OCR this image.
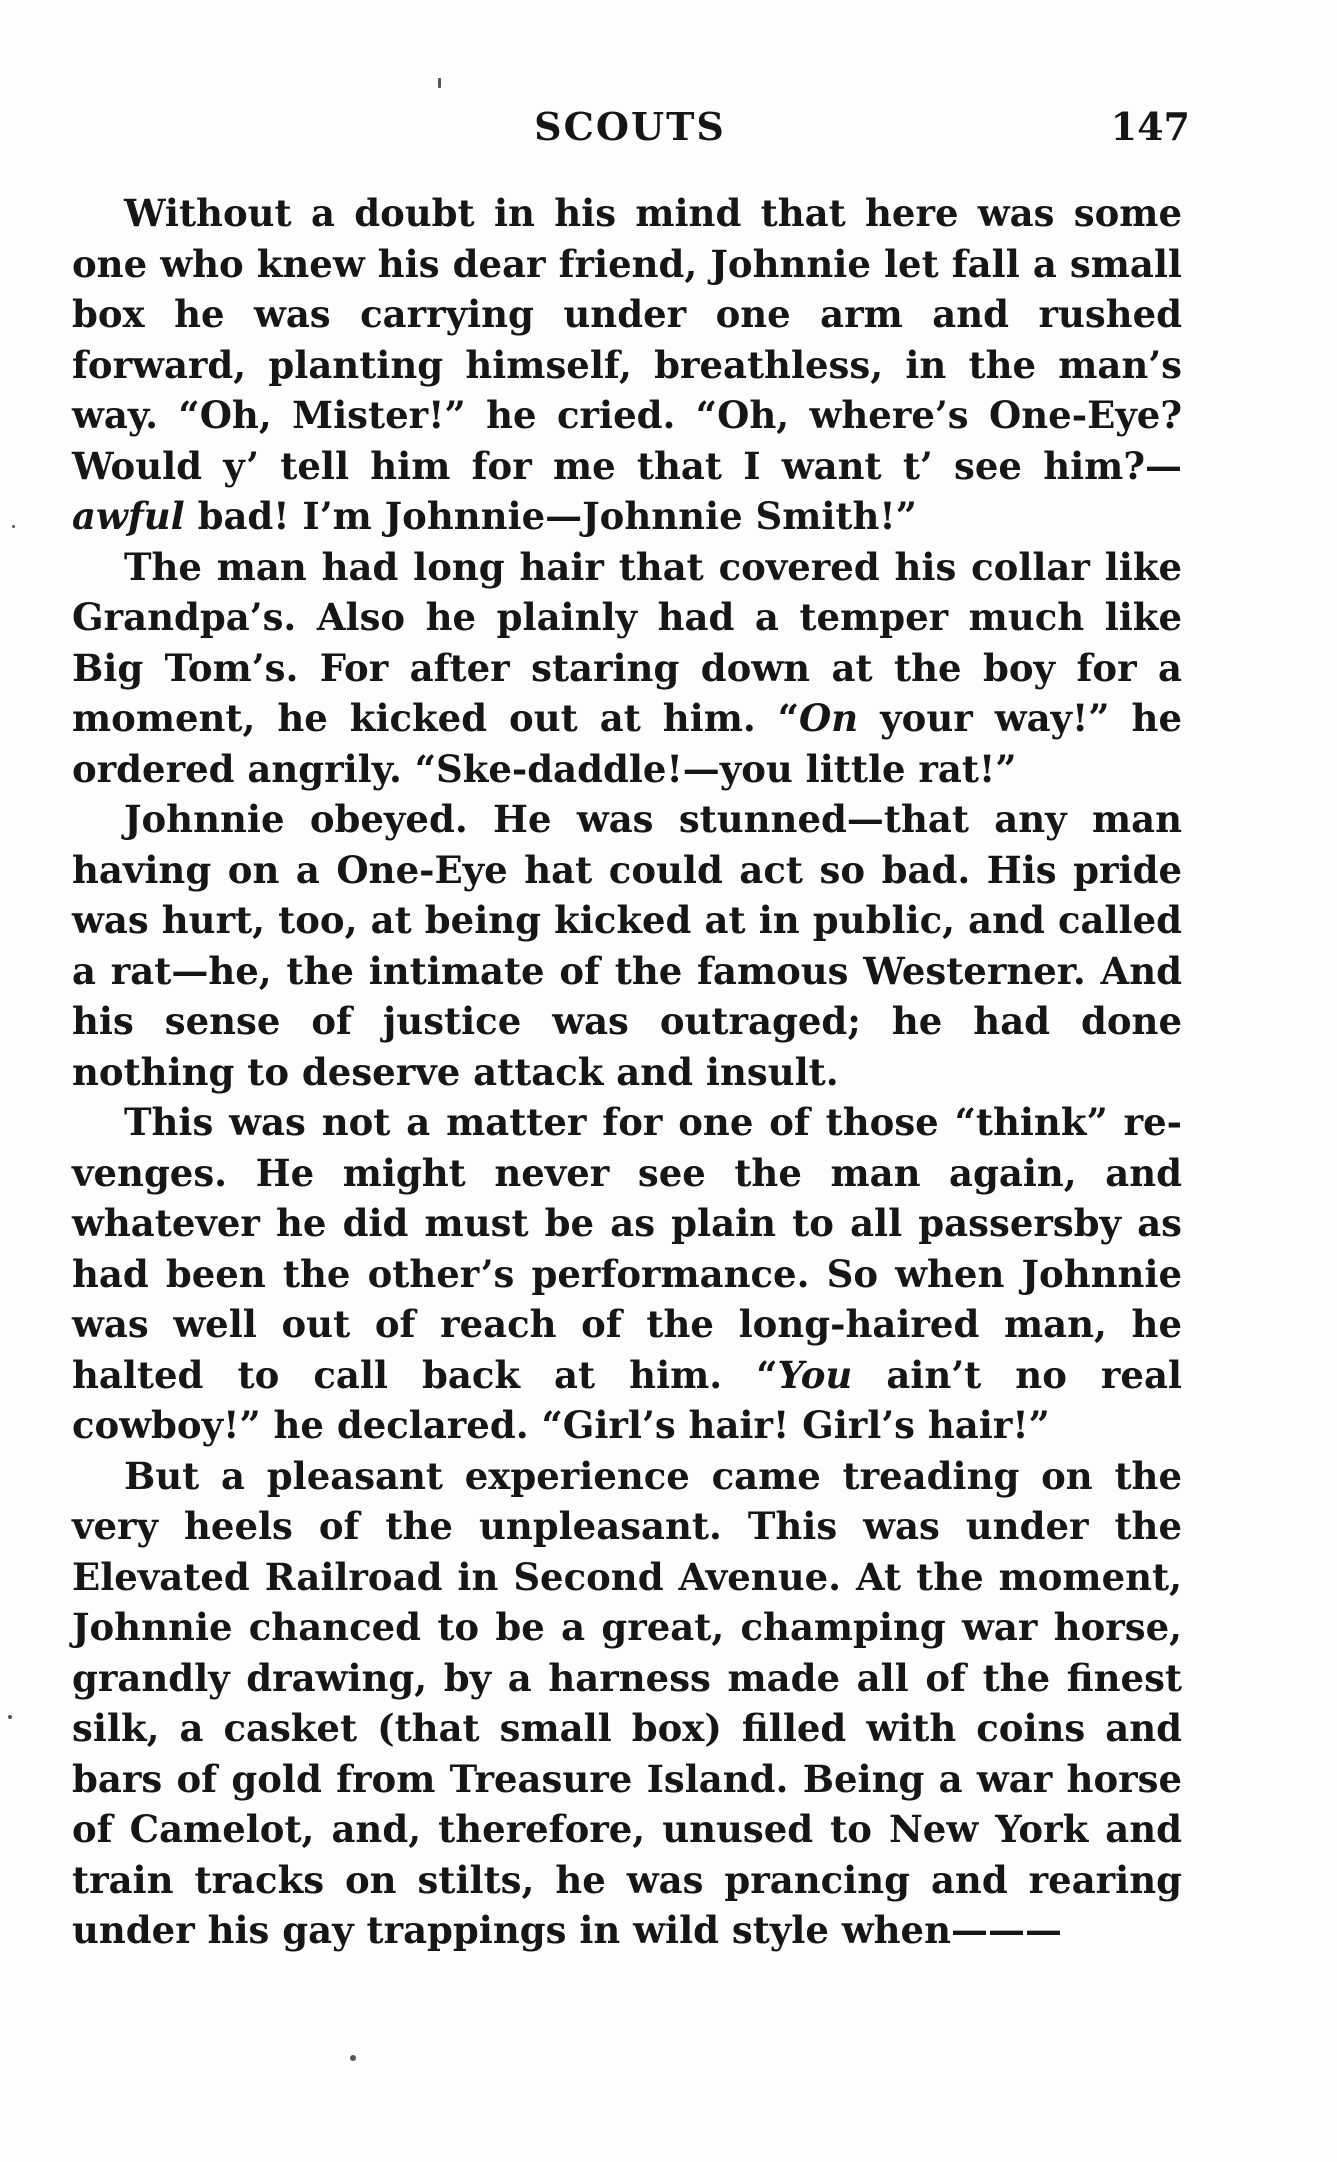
SCOUTS	147

Without a doubt in his mind that here was some one who knew his dear friend, Johnnie let fall a small box he was carrying under one arm and rushed forward, planting himself, breathless, in the man’s way. “Oh, Mister!” he cried. “Oh, where’s One-Eye? Would y’ tell him for me that I want t’ see him?—awful bad! I’m Johnnie—Johnnie Smith!”

The man had long hair that covered his collar like Grandpa’s. Also he plainly had a temper much like Big Tom’s. For after staring down at the boy for a moment, he kicked out at him. “On your way!” he ordered angrily. “Ske-daddle!—you little rat!”

Johnnie obeyed. He was stunned—that any man having on a One-Eye hat could act so bad. His pride was hurt, too, at being kicked at in public, and called a rat—he, the intimate of the famous Westerner. And his sense of justice was outraged; he had done nothing to deserve attack and insult.

This was not a matter for one of those “think” revenges. He might never see the man again, and whatever he did must be as plain to all passersby as had been the other’s performance. So when Johnnie was well out of reach of the long-haired man, he halted to call back at him. “You ain’t no real cowboy!” he declared. “Girl’s hair! Girl’s hair!”

But a pleasant experience came treading on the very heels of the unpleasant. This was under the Elevated Railroad in Second Avenue. At the moment, Johnnie chanced to be a great, champing war horse, grandly drawing, by a harness made all of the finest silk, a casket (that small box) filled with coins and bars of gold from Treasure Island. Being a war horse of Camelot, and, therefore, unused to New York and train tracks on stilts, he was prancing and rearing under his gay trappings in wild style when———
